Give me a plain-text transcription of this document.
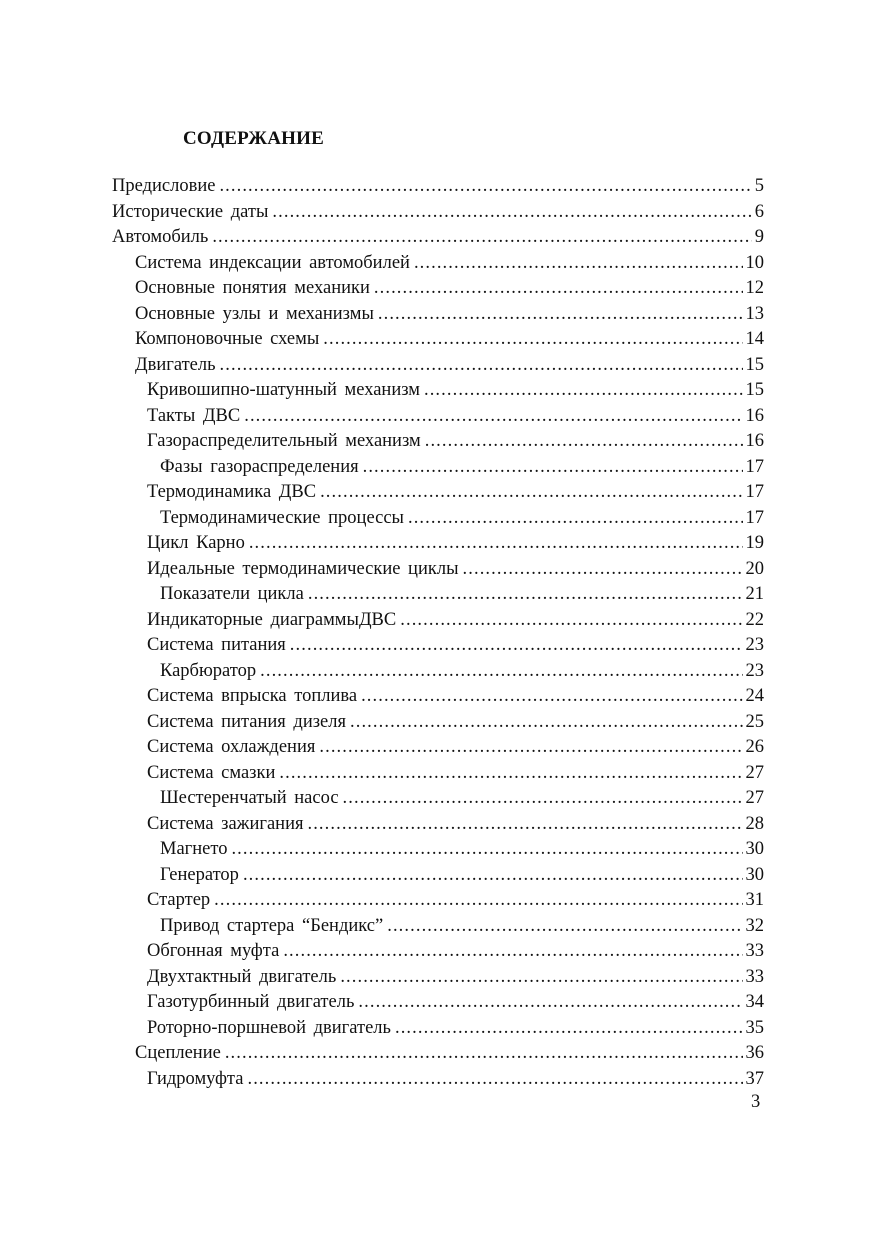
СОДЕРЖАНИЕ
Предисловие .....	5
Исторические даты .....	6
Автомобиль .....	9
Система индексации автомобилей .....	10
Основные понятия механики .....	12
Основные узлы и механизмы .....	13
Компоновочные схемы .....	14
Двигатель .....	15
Кривошипно-шатунный механизм .....	15
Такты ДВС .....	16
Газораспределительный механизм .....	16
Фазы газораспределения .....	17
Термодинамика ДВС .....	17
Термодинамические процессы .....	17
Цикл Карно .....	19
Идеальные термодинамические циклы .....	20
Показатели цикла .....	21
Индикаторные диаграммыДВС .....	22
Система питания .....	23
Карбюратор .....	23
Система впрыска топлива .....	24
Система питания дизеля .....	25
Система охлаждения .....	26
Система смазки .....	27
Шестеренчатый насос .....	27
Система зажигания .....	28
Магнето .....	30
Генератор .....	30
Стартер .....	31
Привод стартера “Бендикс” .....	32
Обгонная муфта .....	33
Двухтактный двигатель .....	33
Газотурбинный двигатель .....	34
Роторно-поршневой двигатель .....	35
Сцепление .....	36
Гидромуфта .....	37
3
